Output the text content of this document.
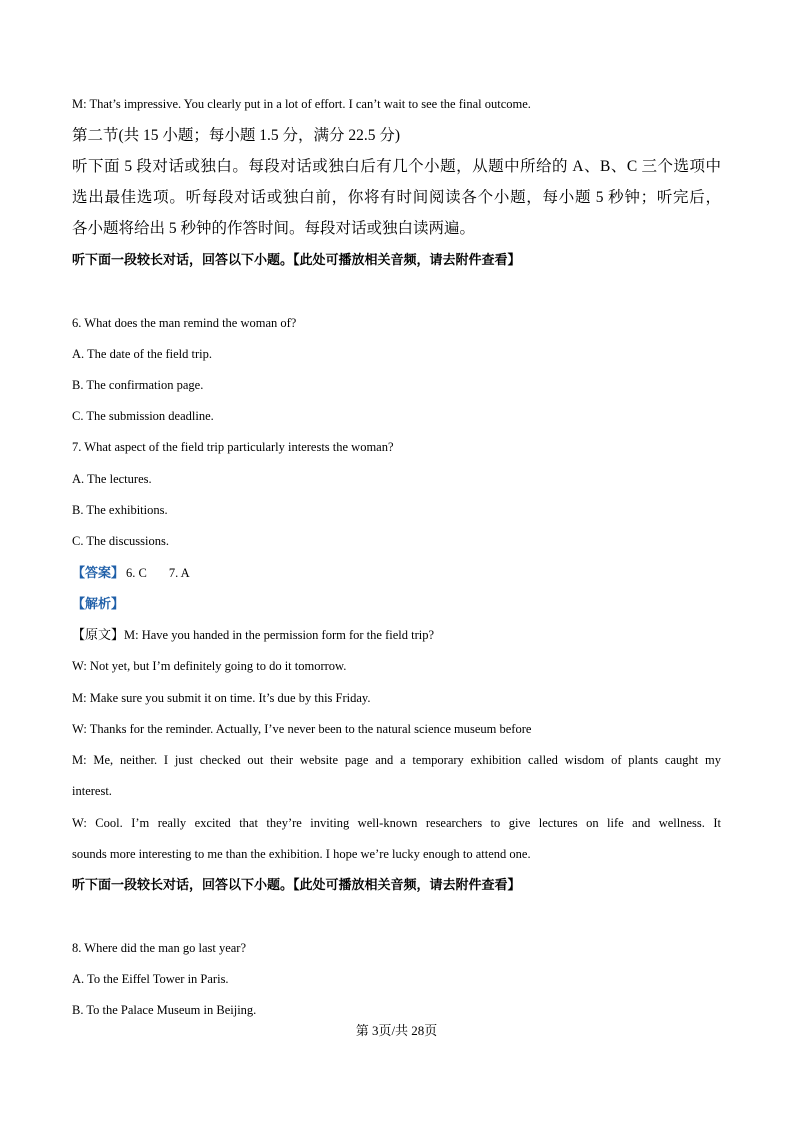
M: That’s impressive. You clearly put in a lot of effort. I can’t wait to see the final outcome.
第二节(共 15 小题；每小题 1.5 分，满分 22.5 分)
听下面 5 段对话或独白。每段对话或独白后有几个小题，从题中所给的 A、B、C 三个选项中
选出最佳选项。听每段对话或独白前，你将有时间阅读各个小题，每小题 5 秒钟；听完后，
各小题将给出 5 秒钟的作答时间。每段对话或独白读两遍。
听下面一段较长对话，回答以下小题。【此处可播放相关音频，请去附件查看】
6. What does the man remind the woman of?
A. The date of the field trip.
B. The confirmation page.
C. The submission deadline.
7. What aspect of the field trip particularly interests the woman?
A. The lectures.
B. The exhibitions.
C. The discussions.
【答案】 6. C 7. A
【解析】
【原文】M: Have you handed in the permission form for the field trip?
W: Not yet, but I’m definitely going to do it tomorrow.
M: Make sure you submit it on time. It’s due by this Friday.
W: Thanks for the reminder. Actually, I’ve never been to the natural science museum before
M: Me, neither. I just checked out their website page and a temporary exhibition called wisdom of plants caught my
interest.
W: Cool. I’m really excited that they’re inviting well-known researchers to give lectures on life and wellness. It
sounds more interesting to me than the exhibition. I hope we’re lucky enough to attend one.
听下面一段较长对话，回答以下小题。【此处可播放相关音频，请去附件查看】
8. Where did the man go last year?
A. To the Eiffel Tower in Paris.
B. To the Palace Museum in Beijing.
第 3页/共 28页
